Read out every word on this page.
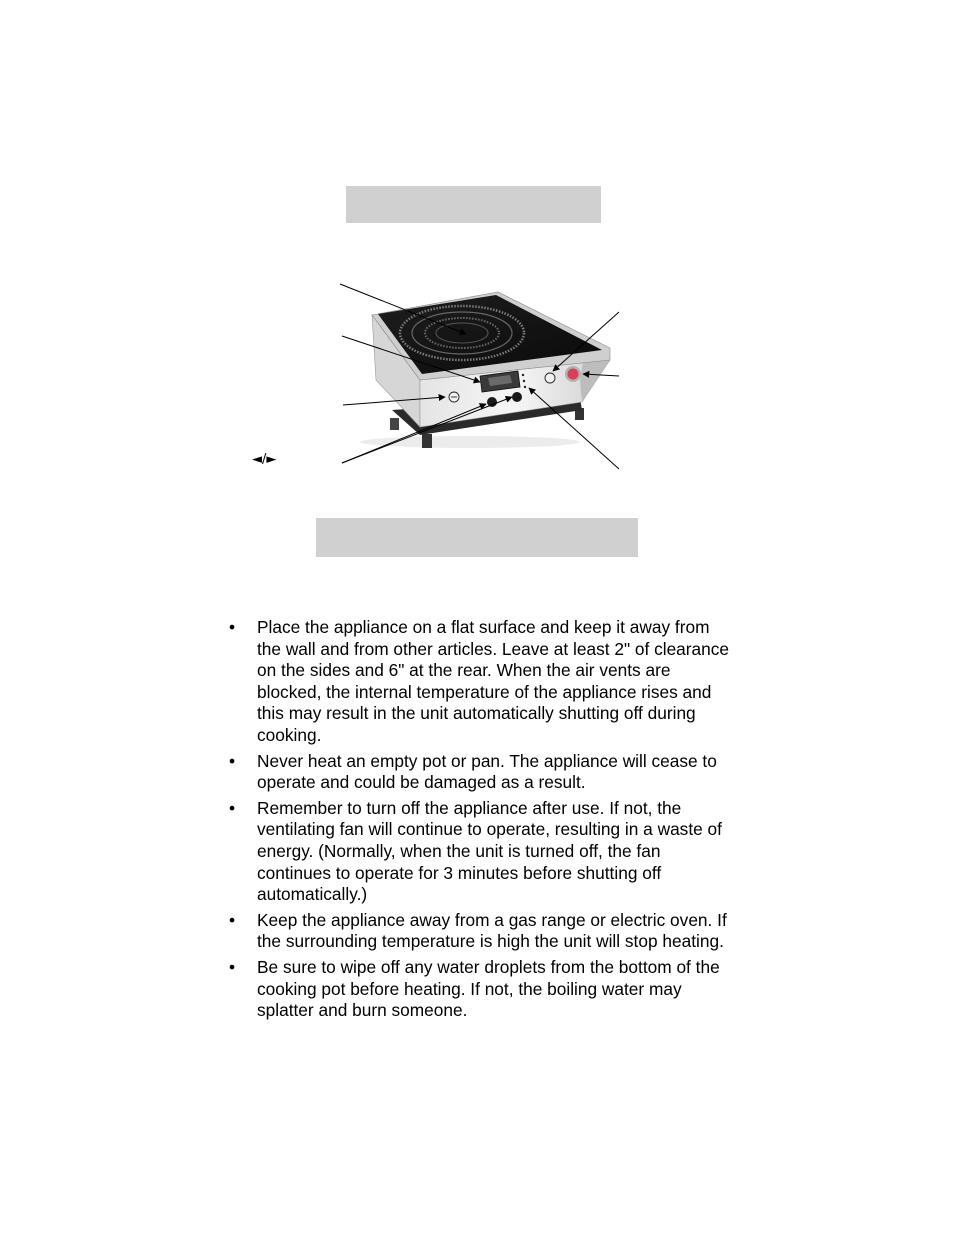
◄/►
• Place the appliance on a flat surface and keep it away from the wall and from other articles. Leave at least 2" of clearance on the sides and 6" at the rear. When the air vents are blocked, the internal temperature of the appliance rises and this may result in the unit automatically shutting off during cooking.
• Never heat an empty pot or pan. The appliance will cease to operate and could be damaged as a result.
• Remember to turn off the appliance after use. If not, the ventilating fan will continue to operate, resulting in a waste of energy. (Normally, when the unit is turned off, the fan continues to operate for 3 minutes before shutting off automatically.)
• Keep the appliance away from a gas range or electric oven. If the surrounding temperature is high the unit will stop heating.
• Be sure to wipe off any water droplets from the bottom of the cooking pot before heating. If not, the boiling water may splatter and burn someone.
